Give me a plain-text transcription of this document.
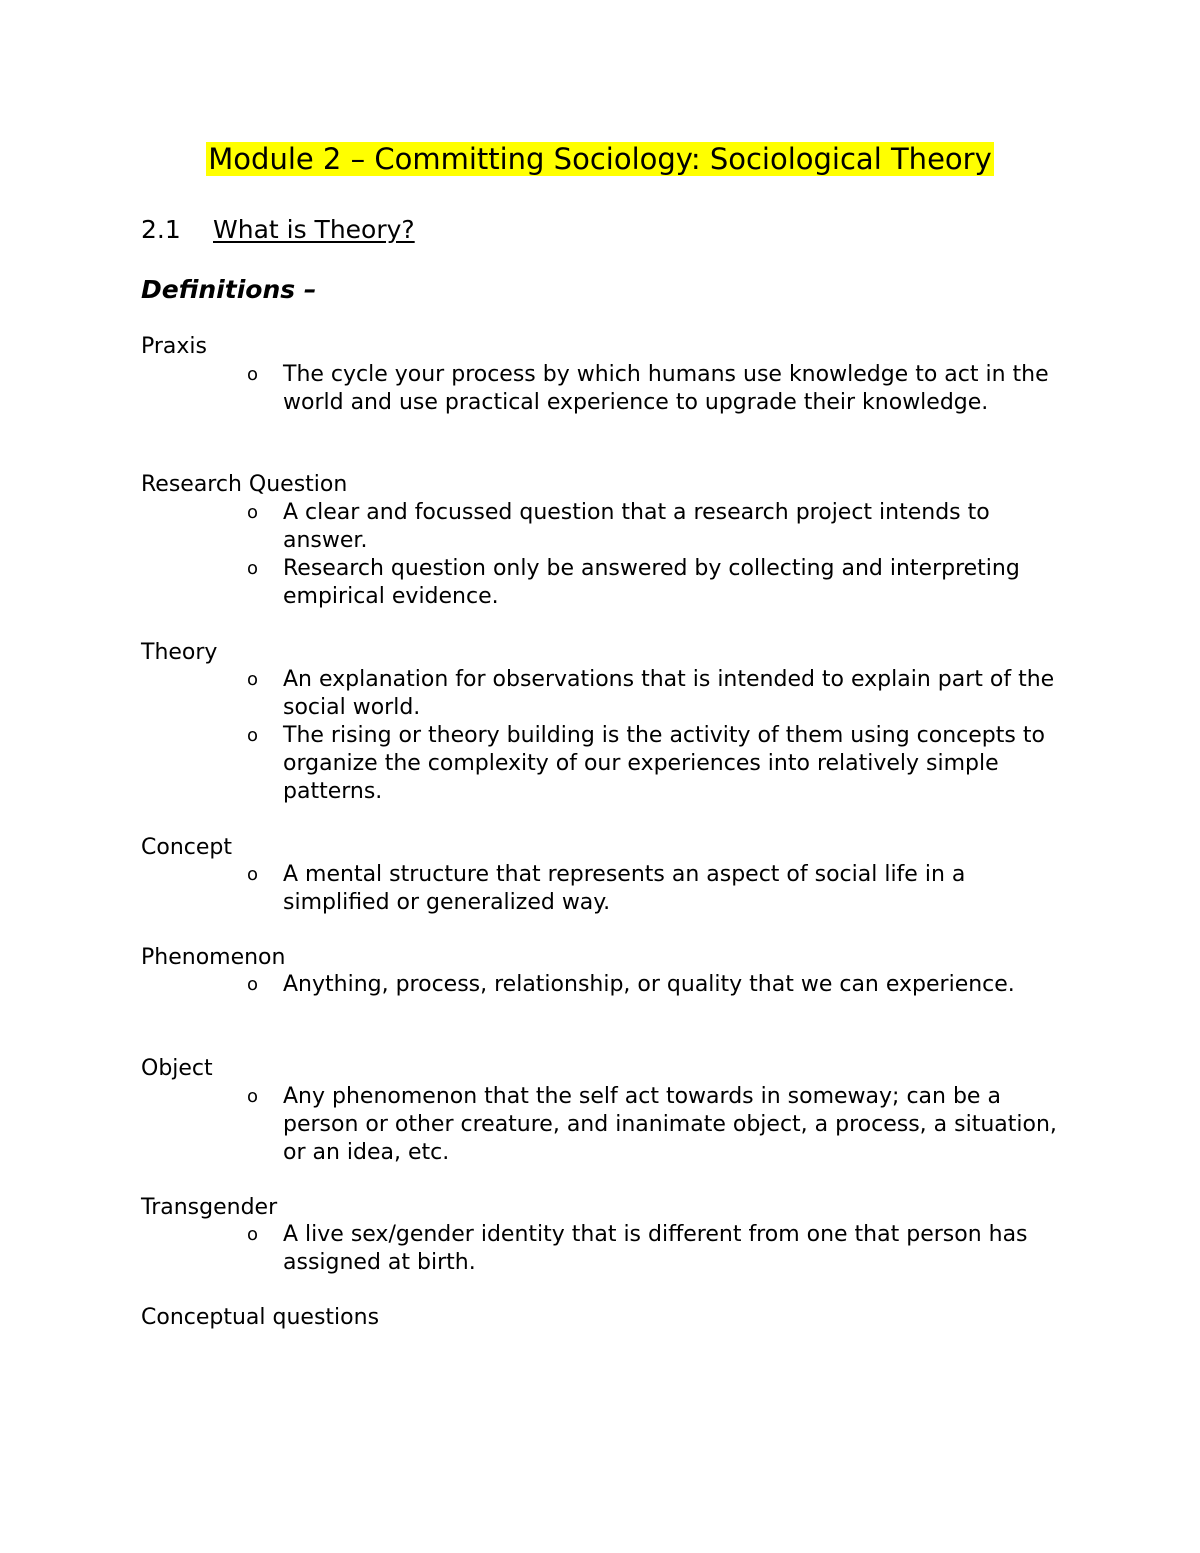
Module 2 – Committing Sociology: Sociological Theory
2.1 What is Theory?
Definitions –
Praxis
o The cycle your process by which humans use knowledge to act in the world and use practical experience to upgrade their knowledge.
Research Question
o A clear and focussed question that a research project intends to answer.
o Research question only be answered by collecting and interpreting empirical evidence.
Theory
o An explanation for observations that is intended to explain part of the social world.
o The rising or theory building is the activity of them using concepts to organize the complexity of our experiences into relatively simple patterns.
Concept
o A mental structure that represents an aspect of social life in a simplified or generalized way.
Phenomenon
o Anything, process, relationship, or quality that we can experience.
Object
o Any phenomenon that the self act towards in someway; can be a person or other creature, and inanimate object, a process, a situation, or an idea, etc.
Transgender
o A live sex/gender identity that is different from one that person has assigned at birth.
Conceptual questions
